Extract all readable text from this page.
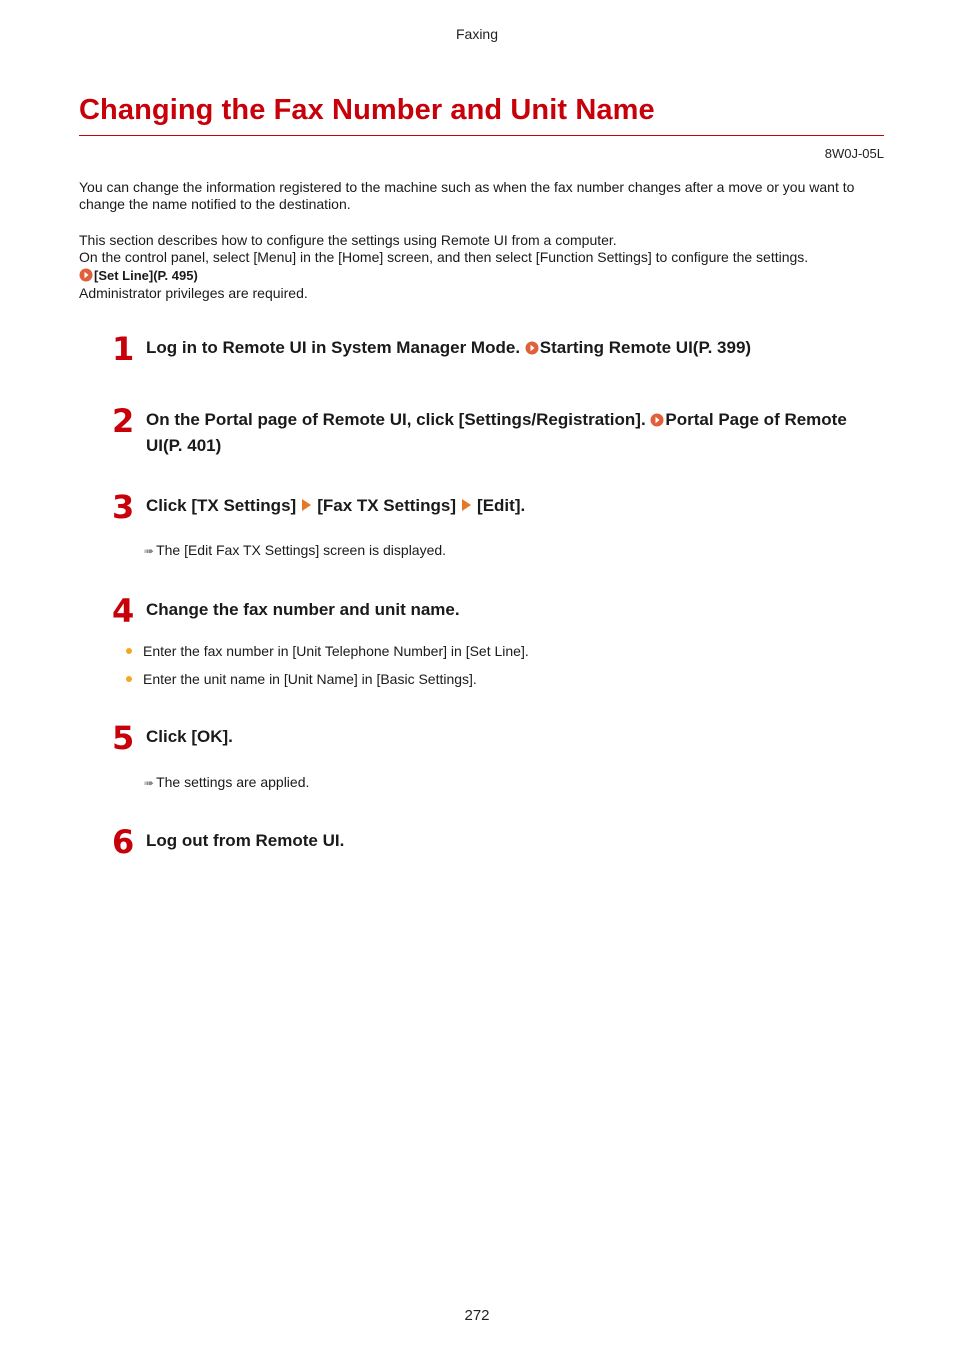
Faxing
Changing the Fax Number and Unit Name
8W0J-05L
You can change the information registered to the machine such as when the fax number changes after a move or you want to change the name notified to the destination.
This section describes how to configure the settings using Remote UI from a computer.
On the control panel, select [Menu] in the [Home] screen, and then select [Function Settings] to configure the settings.
[Set Line](P. 495)
Administrator privileges are required.
1 Log in to Remote UI in System Manager Mode. Starting Remote UI(P. 399)
2 On the Portal page of Remote UI, click [Settings/Registration]. Portal Page of Remote UI(P. 401)
3 Click [TX Settings] [Fax TX Settings] [Edit].
➠ The [Edit Fax TX Settings] screen is displayed.
4 Change the fax number and unit name.
Enter the fax number in [Unit Telephone Number] in [Set Line].
Enter the unit name in [Unit Name] in [Basic Settings].
5 Click [OK].
➠ The settings are applied.
6 Log out from Remote UI.
272
